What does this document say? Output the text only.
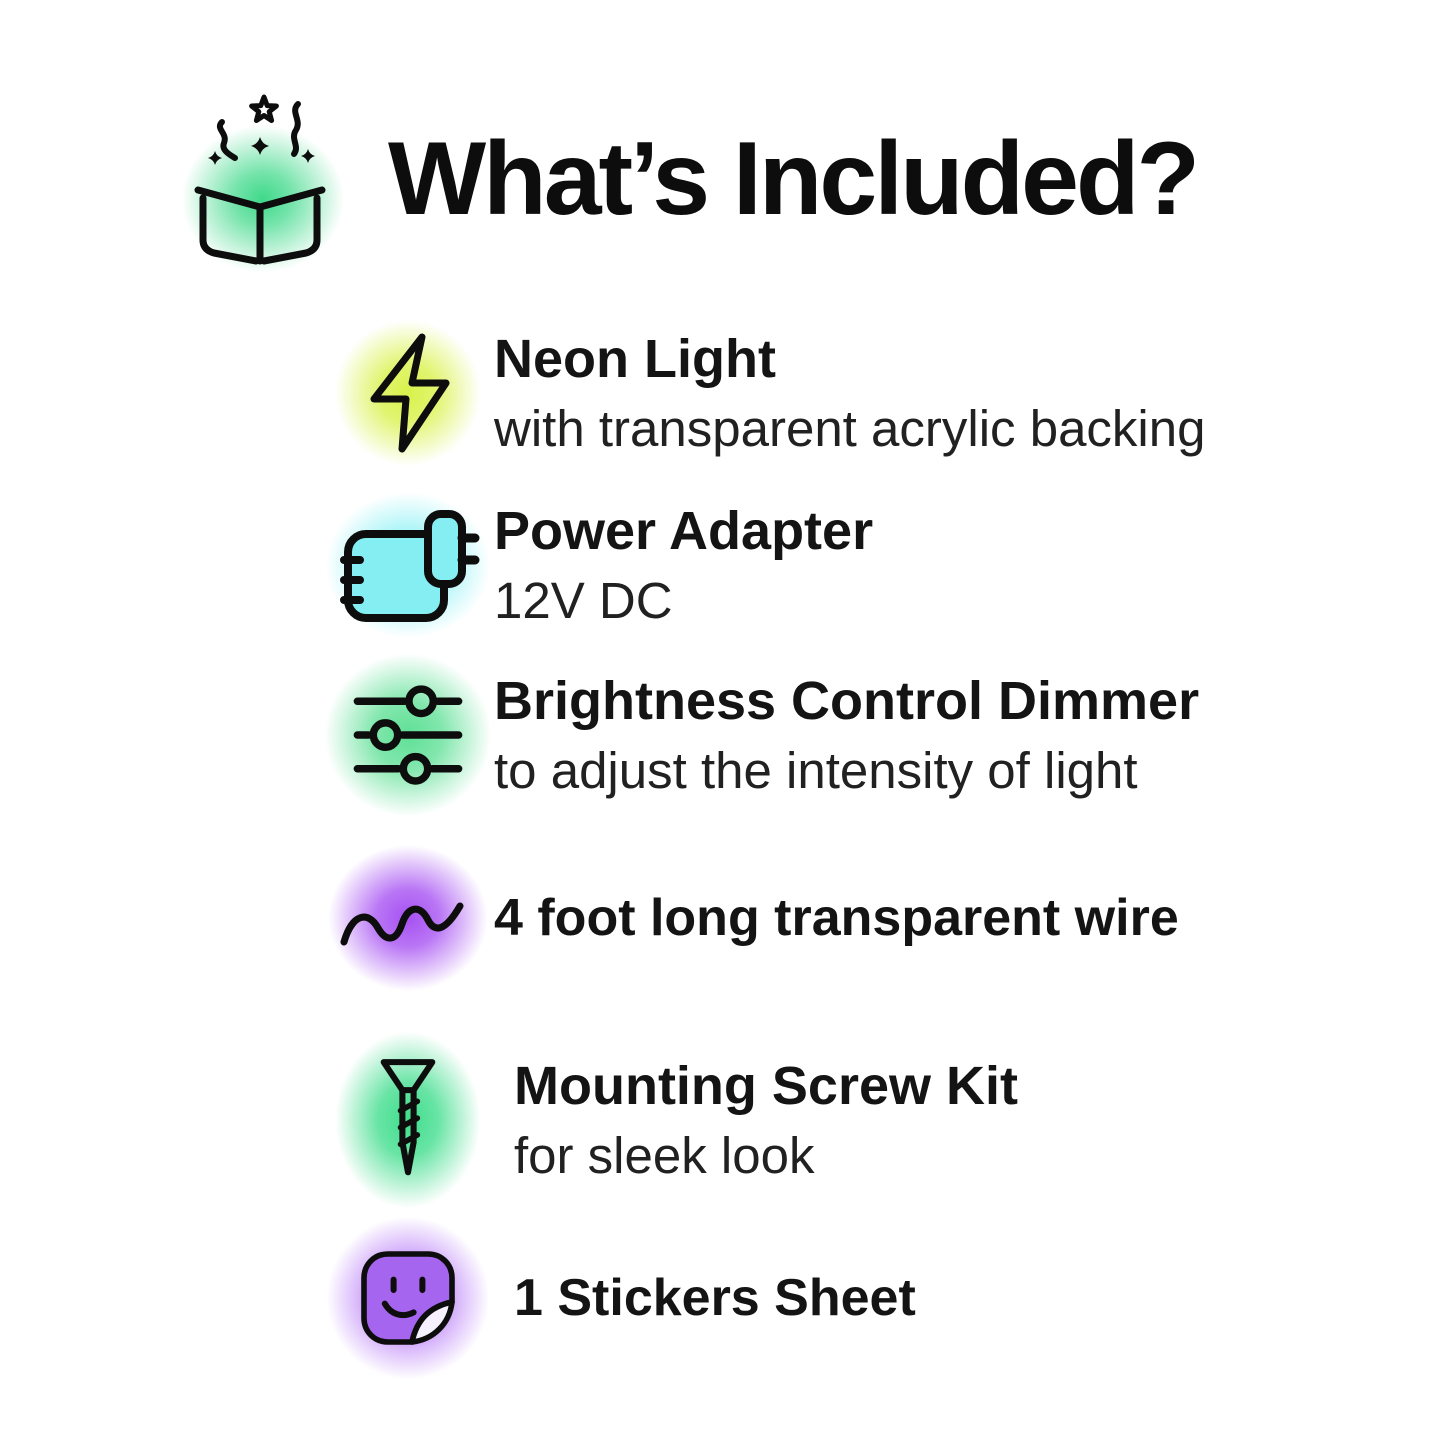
What’s Included?
Neon Light
with transparent acrylic backing
Power Adapter
12V DC
Brightness Control Dimmer
to adjust the intensity of light
4 foot long transparent wire
Mounting Screw Kit
for sleek look
1 Stickers Sheet
